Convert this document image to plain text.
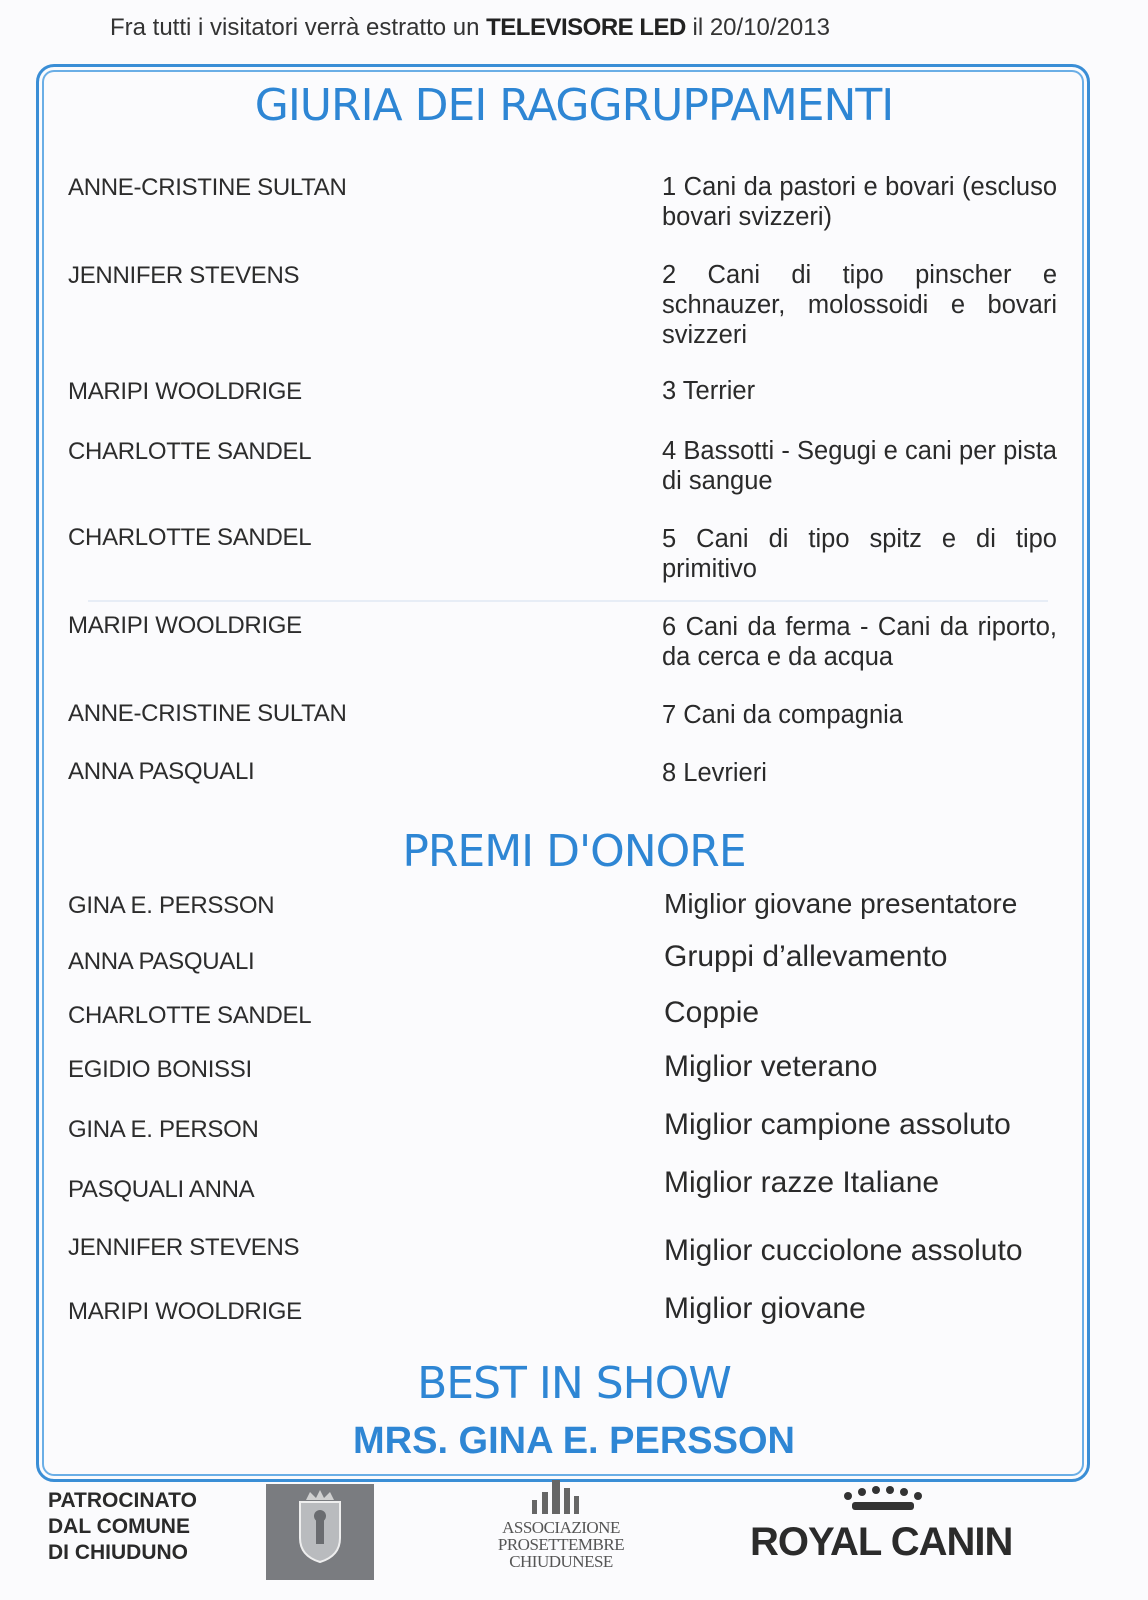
Fra tutti i visitatori verrà estratto un TELEVISORE LED il 20/10/2013
GIURIA DEI RAGGRUPPAMENTI
ANNE-CRISTINE SULTAN	1 Cani da pastori e bovari (escluso bovari svizzeri)
JENNIFER STEVENS	2 Cani di tipo pinscher e schnauzer, molossoidi e bovari svizzeri
MARIPI WOOLDRIGE	3 Terrier
CHARLOTTE SANDEL	4 Bassotti - Segugi e cani per pista di sangue
CHARLOTTE SANDEL	5 Cani di tipo spitz e di tipo primitivo
MARIPI WOOLDRIGE	6 Cani da ferma - Cani da riporto, da cerca e da acqua
ANNE-CRISTINE SULTAN	7 Cani da compagnia
ANNA PASQUALI	8 Levrieri
PREMI D'ONORE
GINA E. PERSSON	Miglior giovane presentatore
ANNA PASQUALI	Gruppi d’allevamento
CHARLOTTE SANDEL	Coppie
EGIDIO BONISSI	Miglior veterano
GINA E. PERSON	Miglior campione assoluto
PASQUALI ANNA	Miglior razze Italiane
JENNIFER STEVENS	Miglior cucciolone assoluto
MARIPI WOOLDRIGE	Miglior giovane
BEST IN SHOW
MRS. GINA E. PERSSON
PATROCINATO
DAL COMUNE
DI CHIUDUNO
ASSOCIAZIONE
PROSETTEMBRE
CHIUDUNESE	ROYAL CANIN
